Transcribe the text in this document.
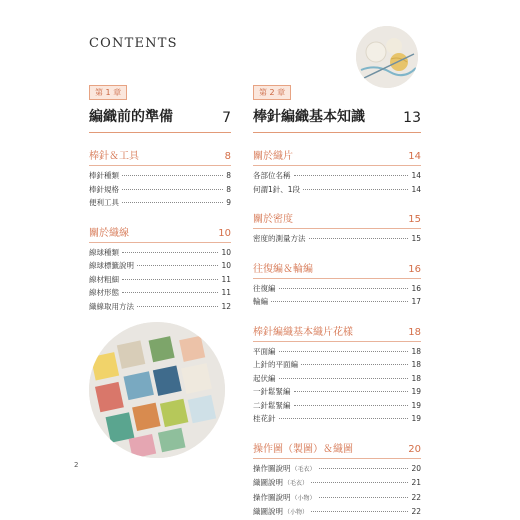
CONTENTS
第 1 章
編織前的準備	7
棒針＆工具	8
棒針種類	8
棒針規格	8
便利工具	9
關於織線	10
線球種類	10
線球標籤說明	10
線材粗細	11
線材形態	11
織線取用方法	12
第 2 章
棒針編織基本知識	13
關於織片	14
各部位名稱	14
何謂1針、1段	14
關於密度	15
密度的測量方法	15
往復編＆輪編	16
往復編	16
輪編	17
棒針編織基本織片花樣	18
平面編	18
上針的平面編	18
起伏編	18
一針鬆緊編	19
二針鬆緊編	19
桂花針	19
操作圖（製圖）＆織圖	20
操作圖說明 （毛衣）	20
織圖說明 （毛衣）	21
操作圖說明 （小物）	22
織圖說明 （小物）	22
2
